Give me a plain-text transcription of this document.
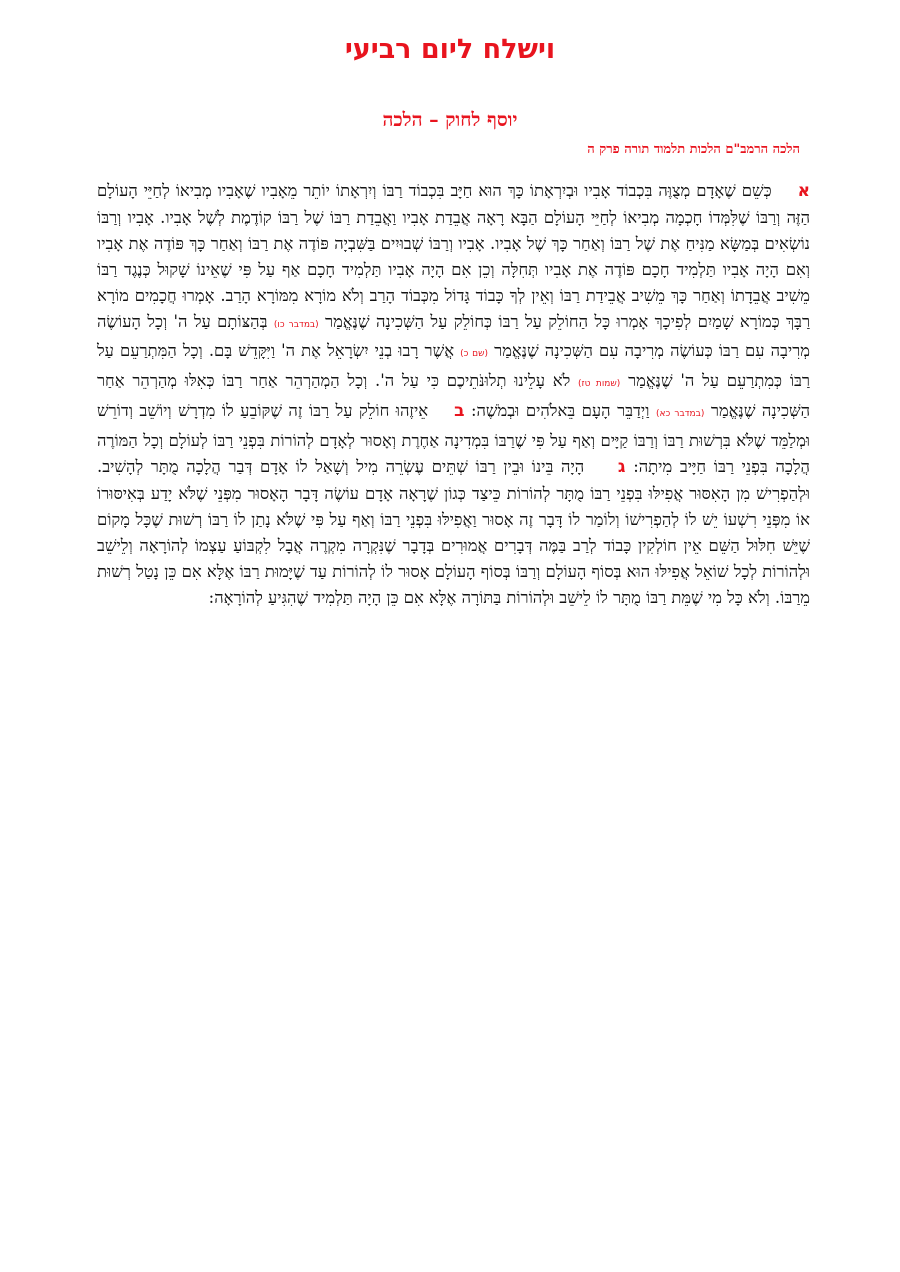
וישלח ליום רביעי
יוסף לחוק – הלכה
הלכה הרמב"ם הלכות תלמוד תורה פרק ה
אכְּשֵׁם שֶׁאָדָם מְצֻוֶּה בִּכְבוֹד אָבִיו וּבְיִרְאָתוֹ כָּךְ הוּא חַיָּב בִּכְבוֹד רַבּוֹ וְיִרְאָתוֹ יוֹתֵר מֵאָבִיו שֶׁאָבִיו מְבִיאוֹ לְחַיֵּי הָעוֹלָם הַזֶּה וְרַבּוֹ שֶׁלִּמְּדוֹ חָכְמָה מְבִיאוֹ לְחַיֵּי הָעוֹלָם הַבָּא רָאָה אֲבֵדַת אָבִיו וַאֲבֵדַת רַבּוֹ שֶׁל רַבּוֹ קוֹדֶמֶת לְשֶׁל אָבִיו. אָבִיו וְרַבּוֹ נוֹשְׂאִים בְּמַשָּׂא מַנִּיחַ אֶת שֶׁל רַבּוֹ וְאַחַר כָּךְ שֶׁל אָבִיו. אָבִיו וְרַבּוֹ שְׁבוּיִים בַּשִּׁבְיָה פּוֹדֶה אֶת רַבּוֹ וְאַחַר כָּךְ פּוֹדֶה אֶת אָבִיו וְאִם הָיָה אָבִיו תַּלְמִיד חָכָם פּוֹדֶה אֶת אָבִיו תְּחִלָּה וְכֵן אִם הָיָה אָבִיו תַּלְמִיד חָכָם אַף עַל פִּי שֶׁאֵינוֹ שָׁקוּל כְּנֶגֶד רַבּוֹ מֵשִׁיב אֲבֵדָתוֹ וְאַחַר כָּךְ מֵשִׁיב אֲבֵידַת רַבּוֹ וְאֵין לְךָ כָּבוֹד גָּדוֹל מִכְּבוֹד הָרַב וְלֹא מוֹרָא מִמּוֹרָא הָרַב. אָמְרוּ חֲכָמִים מוֹרָא רַבָּךְ כְּמוֹרָא שָׁמַיִם לְפִיכָךְ אָמְרוּ כָּל הַחוֹלֵק עַל רַבּוֹ כְּחוֹלֵק עַל הַשְּׁכִינָה שֶׁנֶּאֱמַר (במדבר כו) בְּהַצּוֹתָם עַל ה' וְכָל הָעוֹשֶׂה מְרִיבָה עִם רַבּוֹ כְּעוֹשֶׂה מְרִיבָה עִם הַשְּׁכִינָה שֶׁנֶּאֱמַר (שם כ) אֲשֶׁר רָבוּ בְנֵי יִשְׂרָאֵל אֶת ה' וַיִּקָּדֵשׁ בָּם. וְכָל הַמִּתְרַעֵם עַל רַבּוֹ כְּמִתְרַעֵם עַל ה' שֶׁנֶּאֱמַר (שמות טז) לֹא עָלֵינוּ תְלוּנֹּתֵיכֶם כִּי עַל ה'. וְכָל הַמְהַרְהֵר אַחַר רַבּוֹ כְּאִלּוּ מְהַרְהֵר אַחַר הַשְּׁכִינָה שֶׁנֶּאֱמַר (במדבר כא) וַיְדַבֵּר הָעָם בֵּאלֹהִים וּבְמֹשֶׁה: באֵיזֶהוּ חוֹלֵק עַל רַבּוֹ זֶה שֶׁקּוֹבֵעַ לוֹ מִדְרָשׁ וְיוֹשֵׁב וְדוֹרֵשׁ וּמְלַמֵּד שֶׁלֹּא בִּרְשׁוּת רַבּוֹ וְרַבּוֹ קַיָּים וְאַף עַל פִּי שֶׁרַבּוֹ בִּמְדִינָה אַחֶרֶת וְאָסוּר לְאָדָם לְהוֹרוֹת בִּפְנֵי רַבּוֹ לְעוֹלָם וְכָל הַמּוֹרֶה הֲלָכָה בִּפְנֵי רַבּוֹ חַיָּיב מִיתָה: ג הָיָה בֵּינוֹ וּבֵין רַבּוֹ שְׁתֵּים עֶשְׂרֵה מִיל וְשָׁאַל לוֹ אָדָם דְּבַר הֲלָכָה מֻתָּר לְהָשִׁיב. וּלְהַפְרִישׁ מִן הָאִסּוּר אֲפִילּוּ בִּפְנֵי רַבּוֹ מֻתָּר לְהוֹרוֹת כֵּיצַד כְּגוֹן שֶׁרָאָה אָדָם עוֹשֶׂה דָּבָר הָאָסוּר מִפְּנֵי שֶׁלֹּא יָדַע בְּאִיסּוּרוֹ אוֹ מִפְּנֵי רִשְׁעוֹ יֵשׁ לוֹ לְהַפְרִישׁוֹ וְלוֹמַר לוֹ דָּבָר זֶה אָסוּר וַאֲפִילּוּ בִּפְנֵי רַבּוֹ וְאַף עַל פִּי שֶׁלֹּא נָתַן לוֹ רַבּוֹ רְשׁוּת שֶׁכָּל מָקוֹם שֶׁיֵּשׁ חִלּוּל הַשֵּׁם אֵין חוֹלְקִין כָּבוֹד לְרַב בַּמֶּה דְּבָרִים אֲמוּרִים בְּדָבָר שֶׁנִּקְרָה מִקְרֶה אֲבָל לִקְבּוֹעַ עַצְמוֹ לְהוֹרָאָה וְלֵישֵׁב וּלְהוֹרוֹת לְכָל שׁוֹאֵל אֲפִילּוּ הוּא בְּסוֹף הָעוֹלָם וְרַבּוֹ בְּסוֹף הָעוֹלָם אָסוּר לוֹ לְהוֹרוֹת עַד שֶׁיָּמוּת רַבּוֹ אֶלָּא אִם כֵּן נָטַל רְשׁוּת מֵרַבּוֹ. וְלֹא כָּל מִי שֶׁמֵּת רַבּוֹ מֻתָּר לוֹ לֵישֵׁב וּלְהוֹרוֹת בַּתּוֹרָה אֶלָּא אִם כֵּן הָיָה תַּלְמִיד שֶׁהִגִּיעַ לְהוֹרָאָה:
